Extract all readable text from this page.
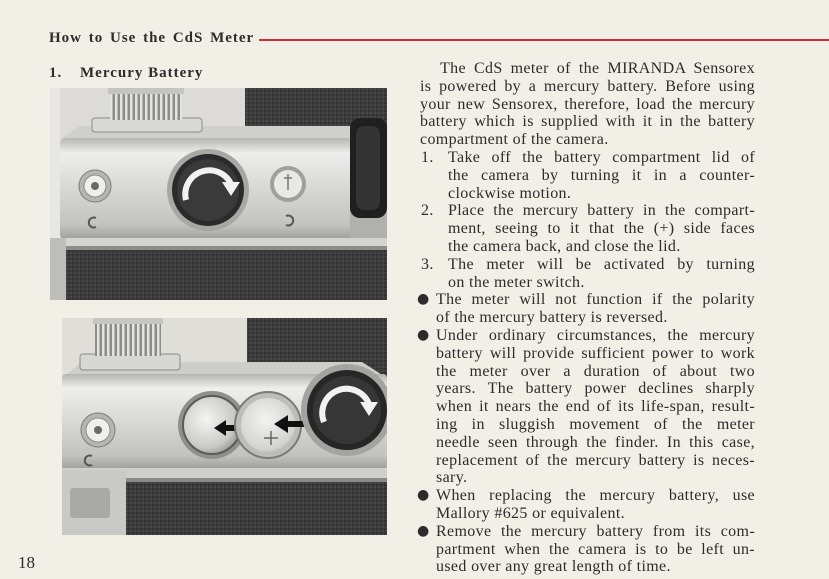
How to Use the CdS Meter
1. Mercury Battery	The CdS meter of the MIRANDA Sensorex
is powered by a mercury battery. Before using
your new Sensorex, therefore, load the mercury
battery which is supplied with it in the battery
compartment of the camera.
1. Take off the battery compartment lid of
the camera by turning it in a counter-
clockwise motion.
2. Place the mercury battery in the compart-
ment, seeing to it that the (+) side faces
the camera back, and close the lid.
3. The meter will be activated by turning
on the meter switch.
● The meter will not function if the polarity
of the mercury battery is reversed.
● Under ordinary circumstances, the mercury
battery will provide sufficient power to work
the meter over a duration of about two
years. The battery power declines sharply
when it nears the end of its life-span, result-
ing in sluggish movement of the meter
needle seen through the finder. In this case,
replacement of the mercury battery is neces-
sary.
● When replacing the mercury battery, use
Mallory #625 or equivalent.
● Remove the mercury battery from its com-
partment when the camera is to be left un-
used over any great length of time.
18
